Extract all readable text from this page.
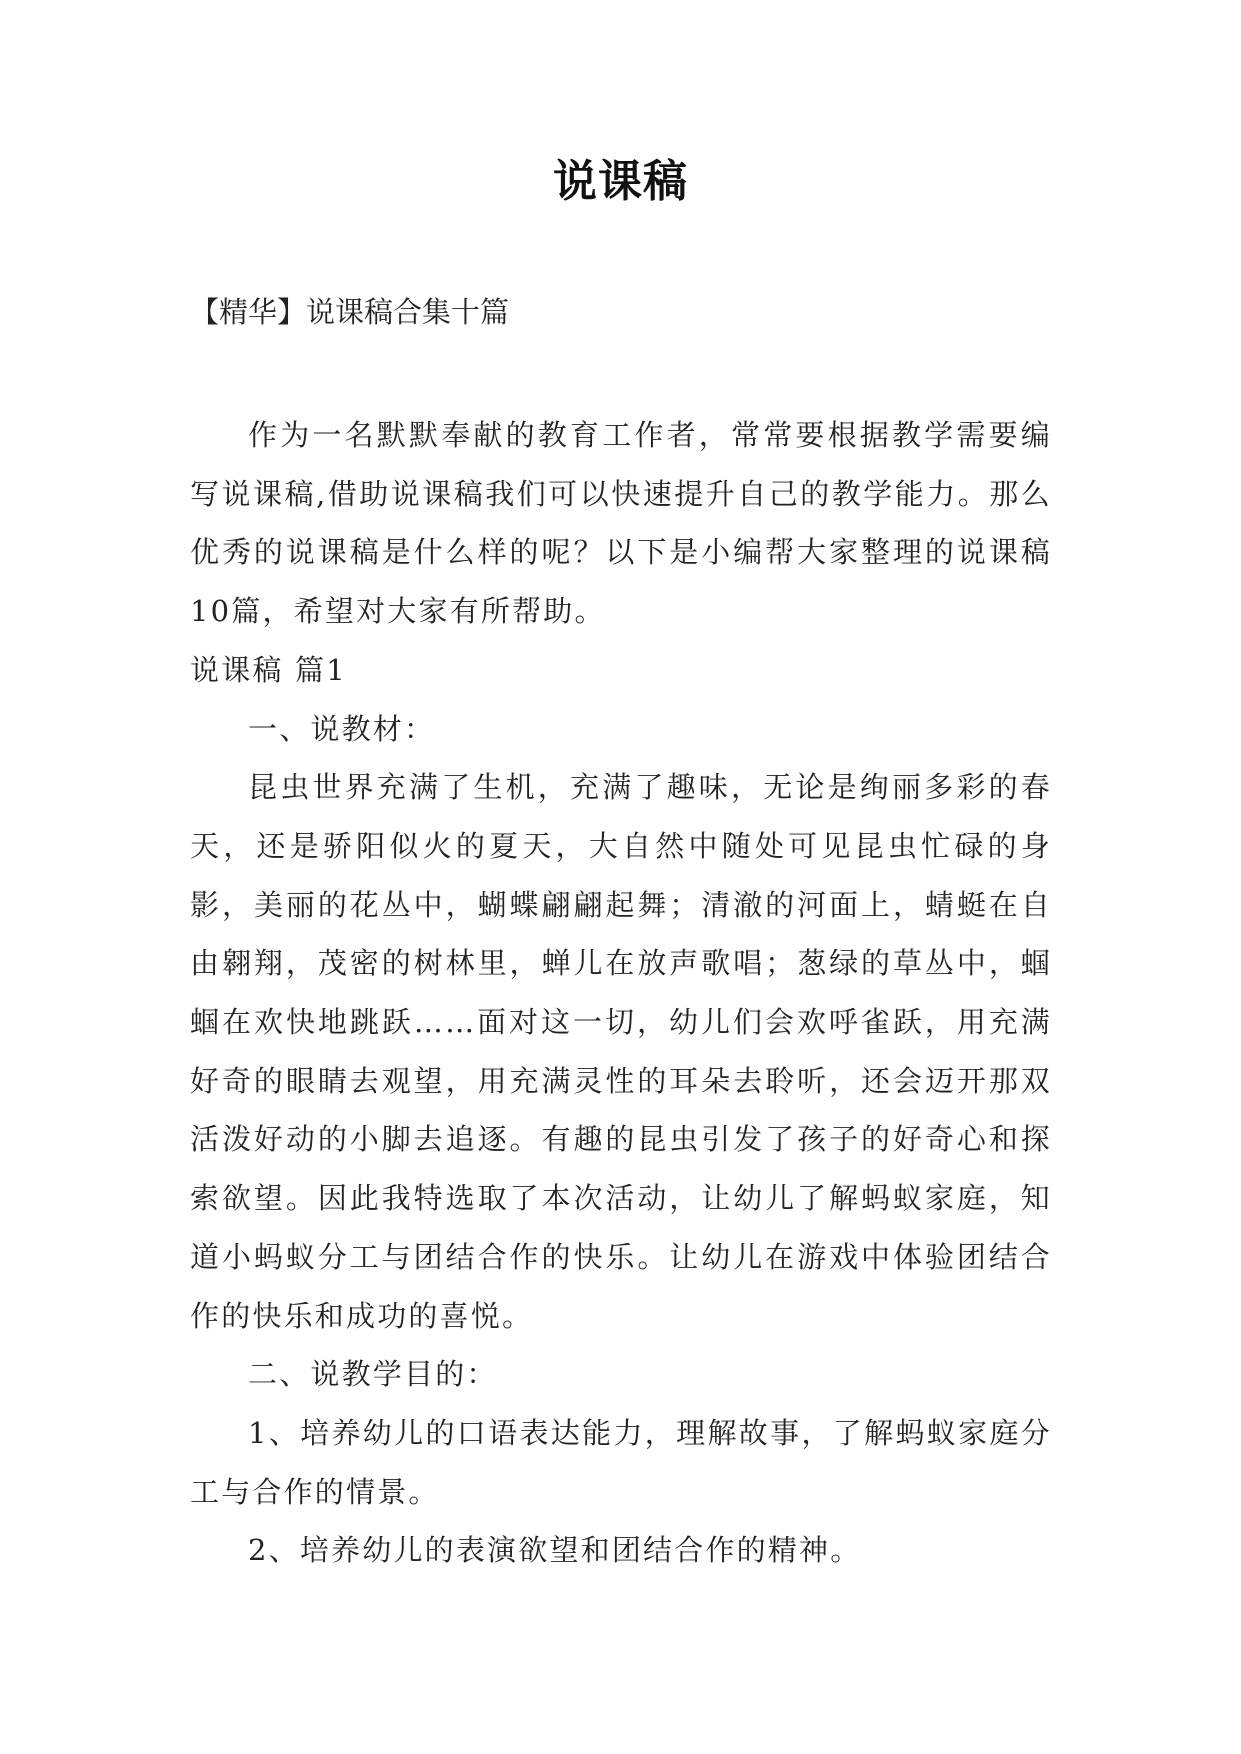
说课稿
【精华】说课稿合集十篇

作为一名默默奉献的教育工作者，常常要根据教学需要编写说课稿,借助说课稿我们可以快速提升自己的教学能力。那么优秀的说课稿是什么样的呢？以下是小编帮大家整理的说课稿10篇，希望对大家有所帮助。

说课稿 篇1

一、说教材：

昆虫世界充满了生机，充满了趣味，无论是绚丽多彩的春天，还是骄阳似火的夏天，大自然中随处可见昆虫忙碌的身影，美丽的花丛中，蝴蝶翩翩起舞；清澈的河面上，蜻蜓在自由翱翔，茂密的树林里，蝉儿在放声歌唱；葱绿的草丛中，蝈蝈在欢快地跳跃……面对这一切，幼儿们会欢呼雀跃，用充满好奇的眼睛去观望，用充满灵性的耳朵去聆听，还会迈开那双活泼好动的小脚去追逐。有趣的昆虫引发了孩子的好奇心和探索欲望。因此我特选取了本次活动，让幼儿了解蚂蚁家庭，知道小蚂蚁分工与团结合作的快乐。让幼儿在游戏中体验团结合作的快乐和成功的喜悦。

二、说教学目的：

1、培养幼儿的口语表达能力，理解故事，了解蚂蚁家庭分工与合作的情景。

2、培养幼儿的表演欲望和团结合作的精神。
